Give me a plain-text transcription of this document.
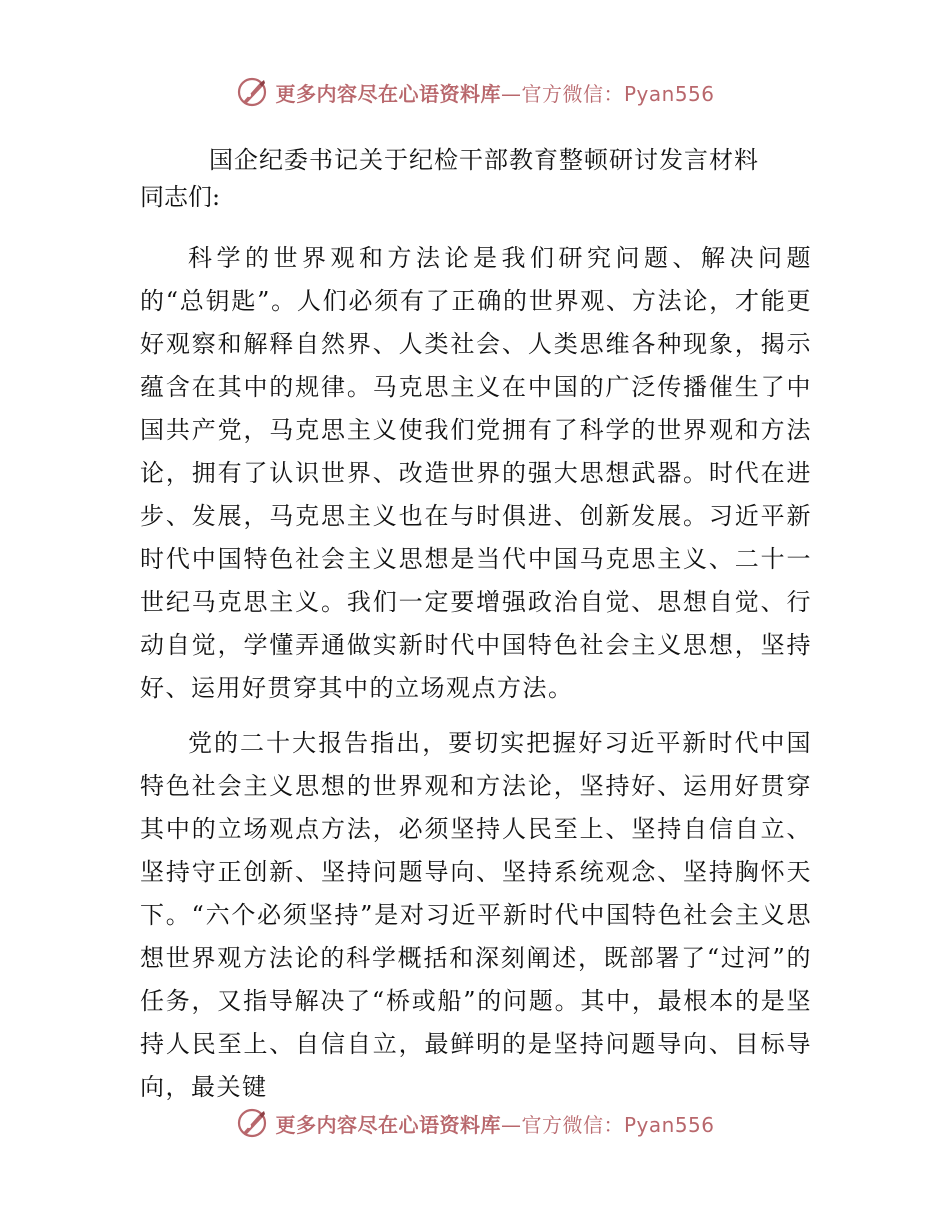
更多内容尽在心语资料库—官方微信：Pyan556
国企纪委书记关于纪检干部教育整顿研讨发言材料
同志们:

科学的世界观和方法论是我们研究问题、解决问题的“总钥匙”。人们必须有了正确的世界观、方法论，才能更好观察和解释自然界、人类社会、人类思维各种现象，揭示蕴含在其中的规律。马克思主义在中国的广泛传播催生了中国共产党，马克思主义使我们党拥有了科学的世界观和方法论，拥有了认识世界、改造世界的强大思想武器。时代在进步、发展，马克思主义也在与时俱进、创新发展。习近平新时代中国特色社会主义思想是当代中国马克思主义、二十一世纪马克思主义。我们一定要增强政治自觉、思想自觉、行动自觉，学懂弄通做实新时代中国特色社会主义思想，坚持好、运用好贯穿其中的立场观点方法。

党的二十大报告指出，要切实把握好习近平新时代中国特色社会主义思想的世界观和方法论，坚持好、运用好贯穿其中的立场观点方法，必须坚持人民至上、坚持自信自立、坚持守正创新、坚持问题导向、坚持系统观念、坚持胸怀天下。“六个必须坚持”是对习近平新时代中国特色社会主义思想世界观方法论的科学概括和深刻阐述，既部署了“过河”的任务，又指导解决了“桥或船”的问题。其中，最根本的是坚持人民至上、自信自立，最鲜明的是坚持问题导向、目标导向，最关键

更多内容尽在心语资料库—官方微信：Pyan556
